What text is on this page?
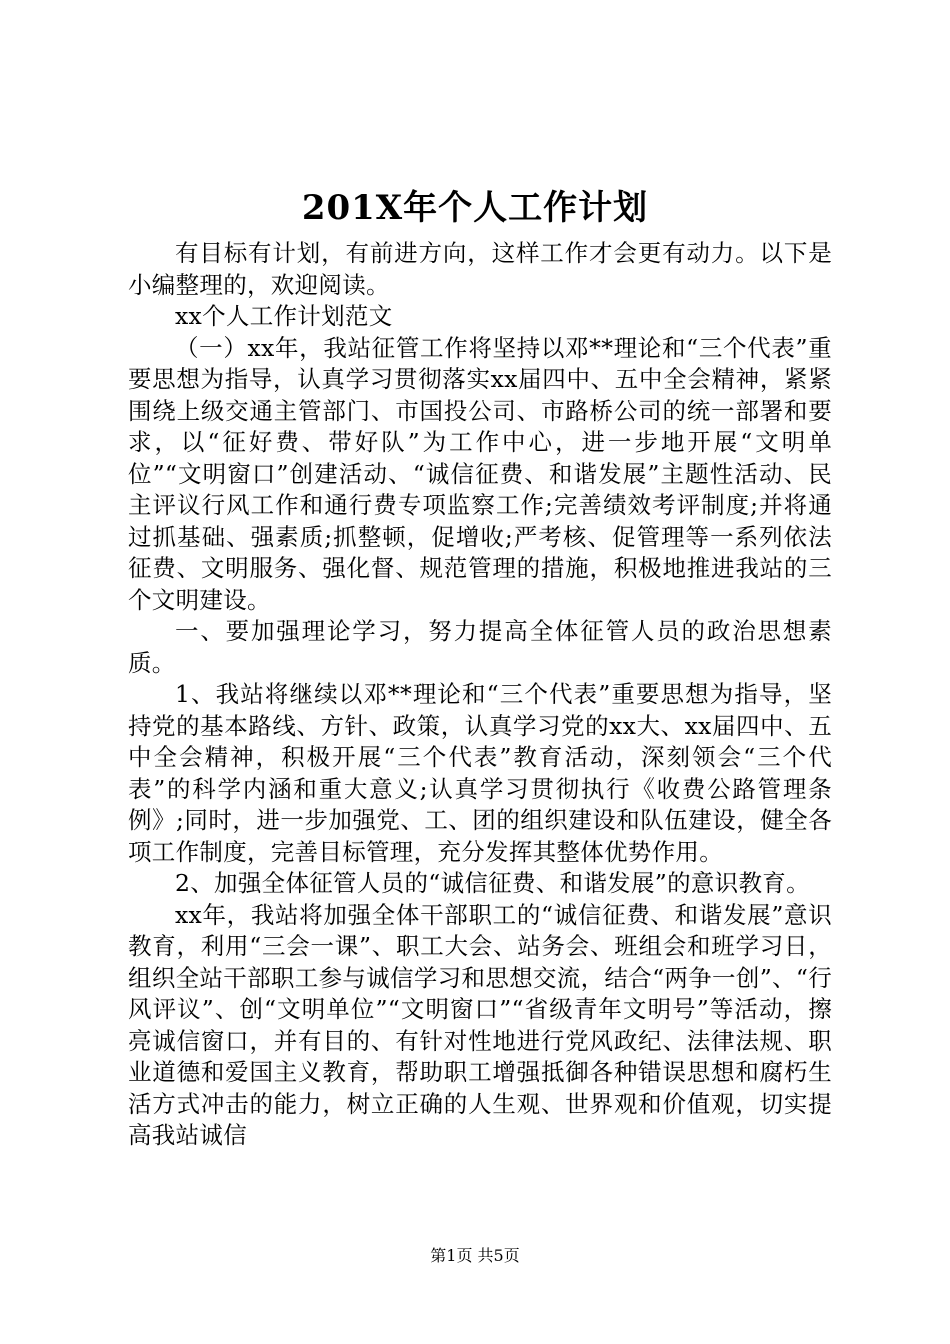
201X年个人工作计划

有目标有计划，有前进方向，这样工作才会更有动力。以下是小编整理的，欢迎阅读。

xx个人工作计划范文

（一）xx年，我站征管工作将坚持以邓**理论和“三个代表”重要思想为指导，认真学习贯彻落实xx届四中、五中全会精神，紧紧围绕上级交通主管部门、市国投公司、市路桥公司的统一部署和要求，以“征好费、带好队”为工作中心，进一步地开展“文明单位”“文明窗口”创建活动、“诚信征费、和谐发展”主题性活动、民主评议行风工作和通行费专项监察工作;完善绩效考评制度;并将通过抓基础、强素质;抓整顿，促增收;严考核、促管理等一系列依法征费、文明服务、强化督、规范管理的措施，积极地推进我站的三个文明建设。

一、要加强理论学习，努力提高全体征管人员的政治思想素质。

1、我站将继续以邓**理论和“三个代表”重要思想为指导，坚持党的基本路线、方针、政策，认真学习党的xx大、xx届四中、五中全会精神，积极开展“三个代表”教育活动，深刻领会“三个代表”的科学内涵和重大意义;认真学习贯彻执行《收费公路管理条例》;同时，进一步加强党、工、团的组织建设和队伍建设，健全各项工作制度，完善目标管理，充分发挥其整体优势作用。

2、加强全体征管人员的“诚信征费、和谐发展”的意识教育。

xx年，我站将加强全体干部职工的“诚信征费、和谐发展”意识教育，利用“三会一课”、职工大会、站务会、班组会和班学习日，组织全站干部职工参与诚信学习和思想交流，结合“两争一创”、“行风评议”、创“文明单位”“文明窗口”“省级青年文明号”等活动，擦亮诚信窗口，并有目的、有针对性地进行党风政纪、法律法规、职业道德和爱国主义教育，帮助职工增强抵御各种错误思想和腐朽生活方式冲击的能力，树立正确的人生观、世界观和价值观，切实提高我站诚信

第1页 共5页
